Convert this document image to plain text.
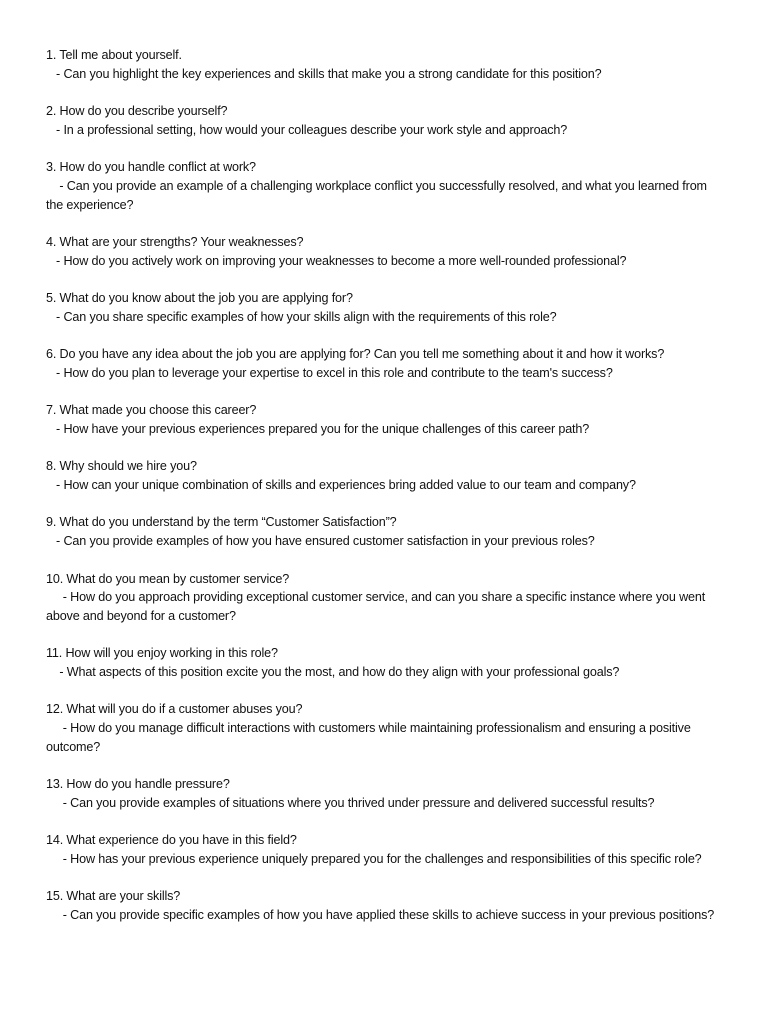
1. Tell me about yourself.
- Can you highlight the key experiences and skills that make you a strong candidate for this position?
2. How do you describe yourself?
- In a professional setting, how would your colleagues describe your work style and approach?
3. How do you handle conflict at work?
- Can you provide an example of a challenging workplace conflict you successfully resolved, and what you learned from the experience?
4. What are your strengths? Your weaknesses?
- How do you actively work on improving your weaknesses to become a more well-rounded professional?
5. What do you know about the job you are applying for?
- Can you share specific examples of how your skills align with the requirements of this role?
6. Do you have any idea about the job you are applying for? Can you tell me something about it and how it works?
- How do you plan to leverage your expertise to excel in this role and contribute to the team's success?
7. What made you choose this career?
- How have your previous experiences prepared you for the unique challenges of this career path?
8. Why should we hire you?
- How can your unique combination of skills and experiences bring added value to our team and company?
9. What do you understand by the term “Customer Satisfaction”?
- Can you provide examples of how you have ensured customer satisfaction in your previous roles?
10. What do you mean by customer service?
- How do you approach providing exceptional customer service, and can you share a specific instance where you went above and beyond for a customer?
11. How will you enjoy working in this role?
- What aspects of this position excite you the most, and how do they align with your professional goals?
12. What will you do if a customer abuses you?
- How do you manage difficult interactions with customers while maintaining professionalism and ensuring a positive outcome?
13. How do you handle pressure?
- Can you provide examples of situations where you thrived under pressure and delivered successful results?
14. What experience do you have in this field?
- How has your previous experience uniquely prepared you for the challenges and responsibilities of this specific role?
15. What are your skills?
- Can you provide specific examples of how you have applied these skills to achieve success in your previous positions?
